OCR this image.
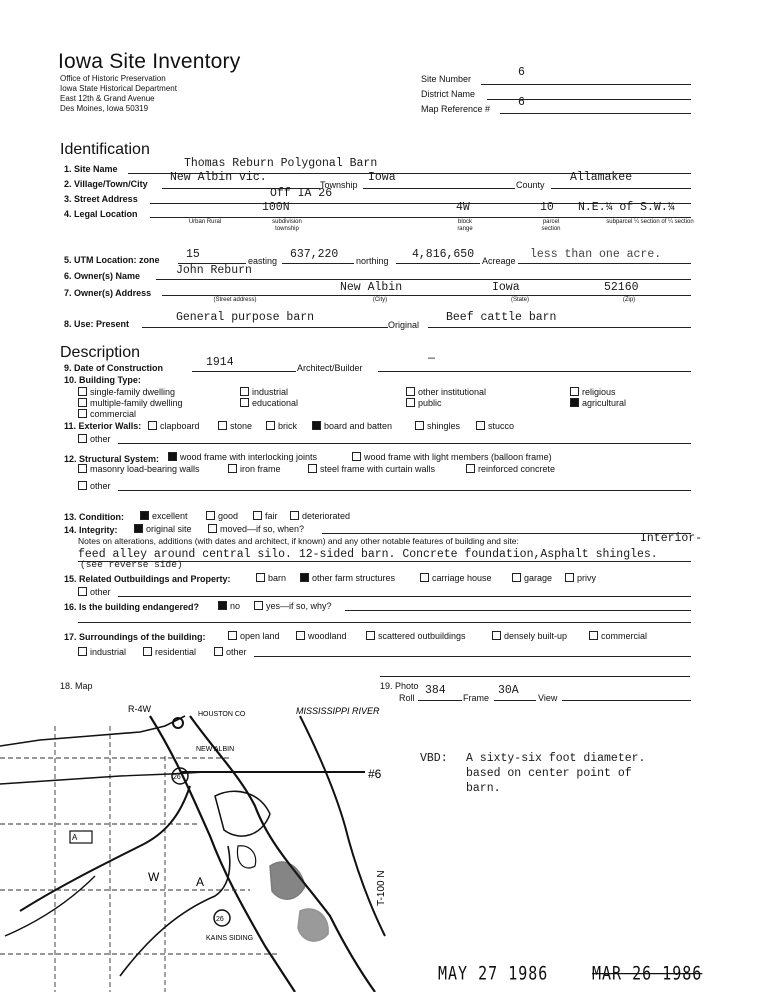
Iowa Site Inventory
Office of Historic Preservation
Iowa State Historical Department
East 12th & Grand Avenue
Des Moines, Iowa 50319
Site Number	6
District Name
Map Reference # 6
Identification
1. Site Name	Thomas Reburn Polygonal Barn
2. Village/Town/City New Albin vic.
Township
Iowa
County
Allamakee
3. Street Address	Off IA 26
4. Legal Location	100N	4W	10 N.E.¼ of S.W.¼
Urban Rural	subdivision township
block range
parcel section
subparcel ¼ section of ¼ section
5. UTM Location: zone 15	easting 637,220 northing 4,816,650 Acreage less than one acre.
6. Owner(s) Name	John Reburn
7. Owner(s) Address	New Albin	Iowa	52160
(Street address)	(City)	(State)	(Zip)
8. Use: Present	General purpose barn
Original
Beef cattle barn
Description
9. Date of Construction	1914	Architect/Builder
—
10. Building Type:
single-family dwelling
multiple-family dwelling
commercial
industrial
educational
other institutional
public
religious
agricultural
11. Exterior Walls:	clapboard	stone	brick	board and batten	shingles	stucco
other
12. Structural System:	wood frame with interlocking joints	wood frame with light members (balloon frame)
masonry load-bearing walls	iron frame	steel frame with curtain walls	reinforced concrete
other
13. Condition:	excellent	good	fair	deteriorated
14. Integrity:	original site	moved—if so, when?
Notes on alterations, additions (with dates and architect, if known) and any other notable features of building and site:	Interior-
feed alley around central silo. 12-sided barn. Concrete foundation,Asphalt shingles.
(see reverse side)
15. Related Outbuildings and Property:	barn	other farm structures	carriage house	garage	privy
other
16. Is the building endangered?	no	yes—if so, why?
17. Surroundings of the building:	open land	woodland	scattered outbuildings	densely built-up	commercial
industrial	residential	other
18. Map
A
26
26
R-4W
HOUSTON CO	MISSISSIPPI RIVER
NEW ALBIN
#6
W	A
KAINS SIDING
T-100 N
19. Photo
Roll
384
Frame
30A
View
VBD: A sixty-six foot diameter.
based on center point of
barn.
MAY 27 1986	MAR 26 1986
